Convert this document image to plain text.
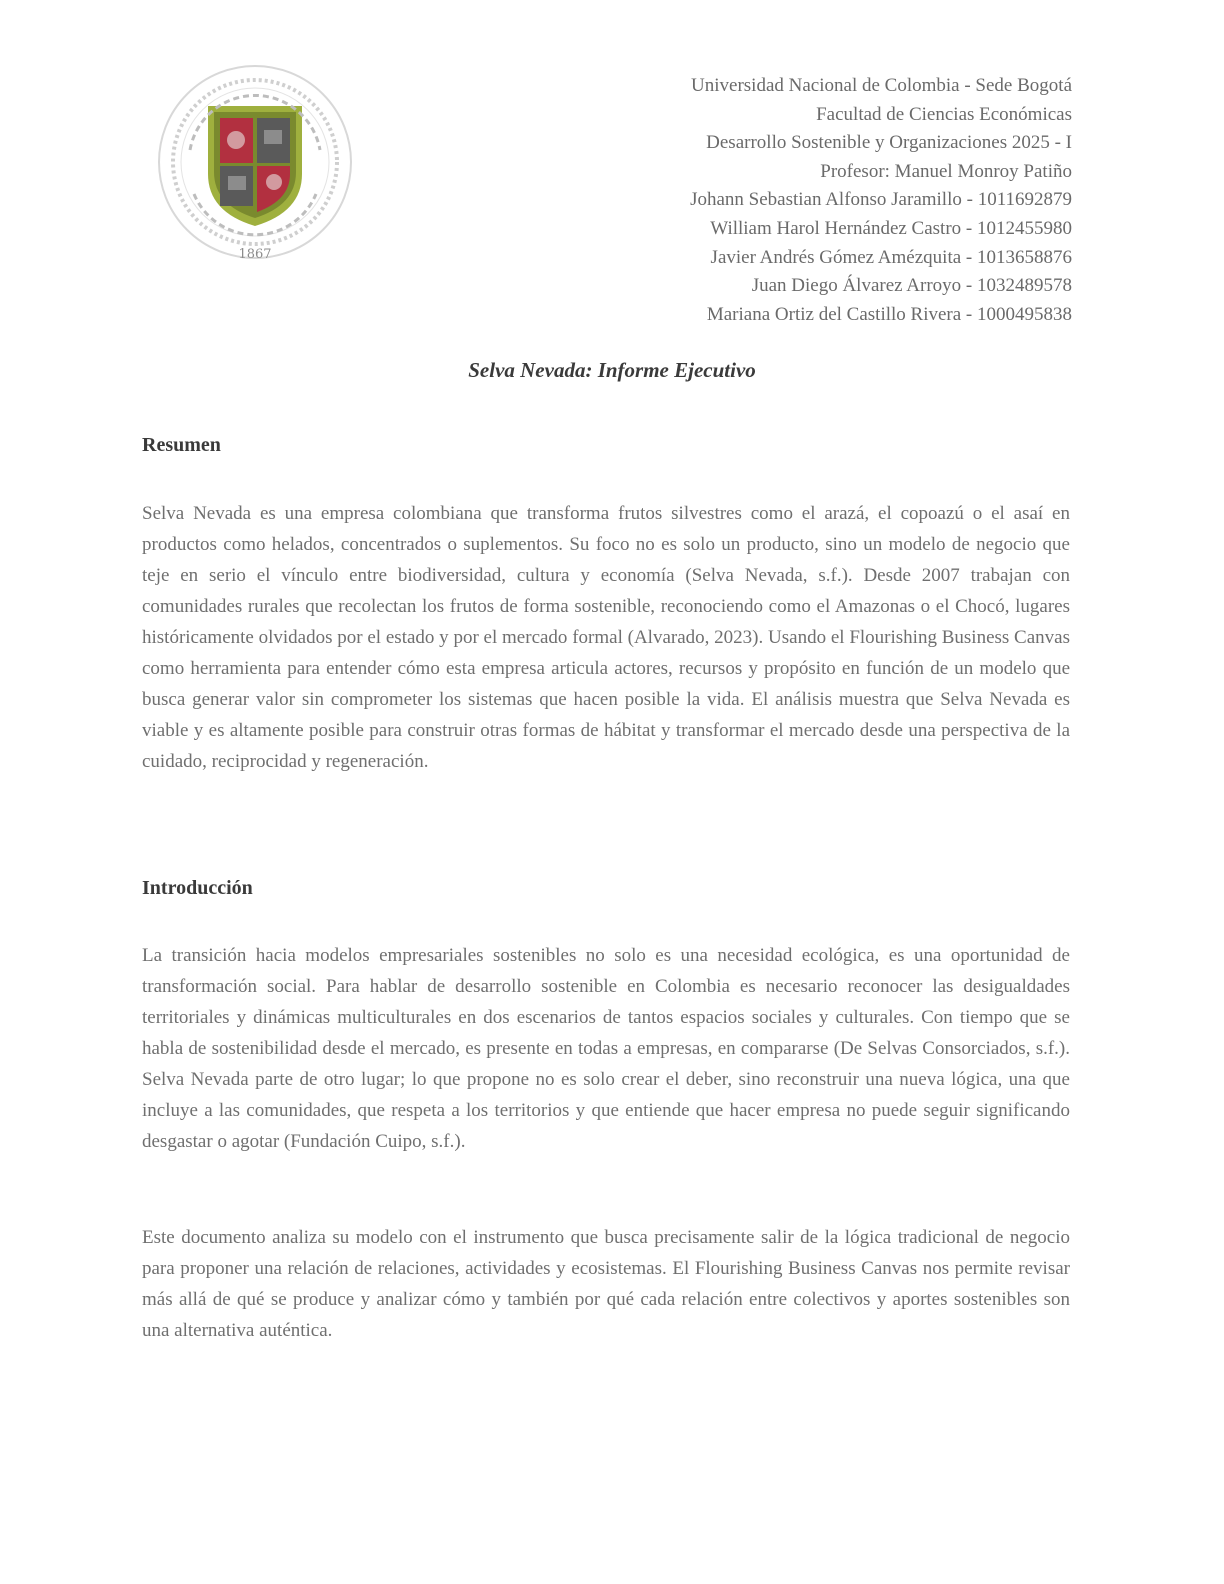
1867
Universidad Nacional de Colombia - Sede Bogotá
Facultad de Ciencias Económicas
Desarrollo Sostenible y Organizaciones 2025 - I
Profesor: Manuel Monroy Patiño
Johann Sebastian Alfonso Jaramillo - 1011692879
William Harol Hernández Castro - 1012455980
Javier Andrés Gómez Amézquita - 1013658876
Juan Diego Álvarez Arroyo - 1032489578
Mariana Ortiz del Castillo Rivera - 1000495838
Selva Nevada: Informe Ejecutivo
Resumen

Selva Nevada es una empresa colombiana que transforma frutos silvestres como el arazá, el copoazú o el asaí en productos como helados, concentrados o suplementos. Su foco no es solo un producto, sino un modelo de negocio que teje en serio el vínculo entre biodiversidad, cultura y economía (Selva Nevada, s.f.). Desde 2007 trabajan con comunidades rurales que recolectan los frutos de forma sostenible, reconociendo como el Amazonas o el Chocó, lugares históricamente olvidados por el estado y por el mercado formal (Alvarado, 2023). Usando el Flourishing Business Canvas como herramienta para entender cómo esta empresa articula actores, recursos y propósito en función de un modelo que busca generar valor sin comprometer los sistemas que hacen posible la vida. El análisis muestra que Selva Nevada es viable y es altamente posible para construir otras formas de hábitat y transformar el mercado desde una perspectiva de la cuidado, reciprocidad y regeneración.

Introducción

La transición hacia modelos empresariales sostenibles no solo es una necesidad ecológica, es una oportunidad de transformación social. Para hablar de desarrollo sostenible en Colombia es necesario reconocer las desigualdades territoriales y dinámicas multiculturales en dos escenarios de tantos espacios sociales y culturales. Con tiempo que se habla de sostenibilidad desde el mercado, es presente en todas a empresas, en compararse (De Selvas Consorciados, s.f.). Selva Nevada parte de otro lugar; lo que propone no es solo crear el deber, sino reconstruir una nueva lógica, una que incluye a las comunidades, que respeta a los territorios y que entiende que hacer empresa no puede seguir significando desgastar o agotar (Fundación Cuipo, s.f.).

Este documento analiza su modelo con el instrumento que busca precisamente salir de la lógica tradicional de negocio para proponer una relación de relaciones, actividades y ecosistemas. El Flourishing Business Canvas nos permite revisar más allá de qué se produce y analizar cómo y también por qué cada relación entre colectivos y aportes sostenibles son una alternativa auténtica.
